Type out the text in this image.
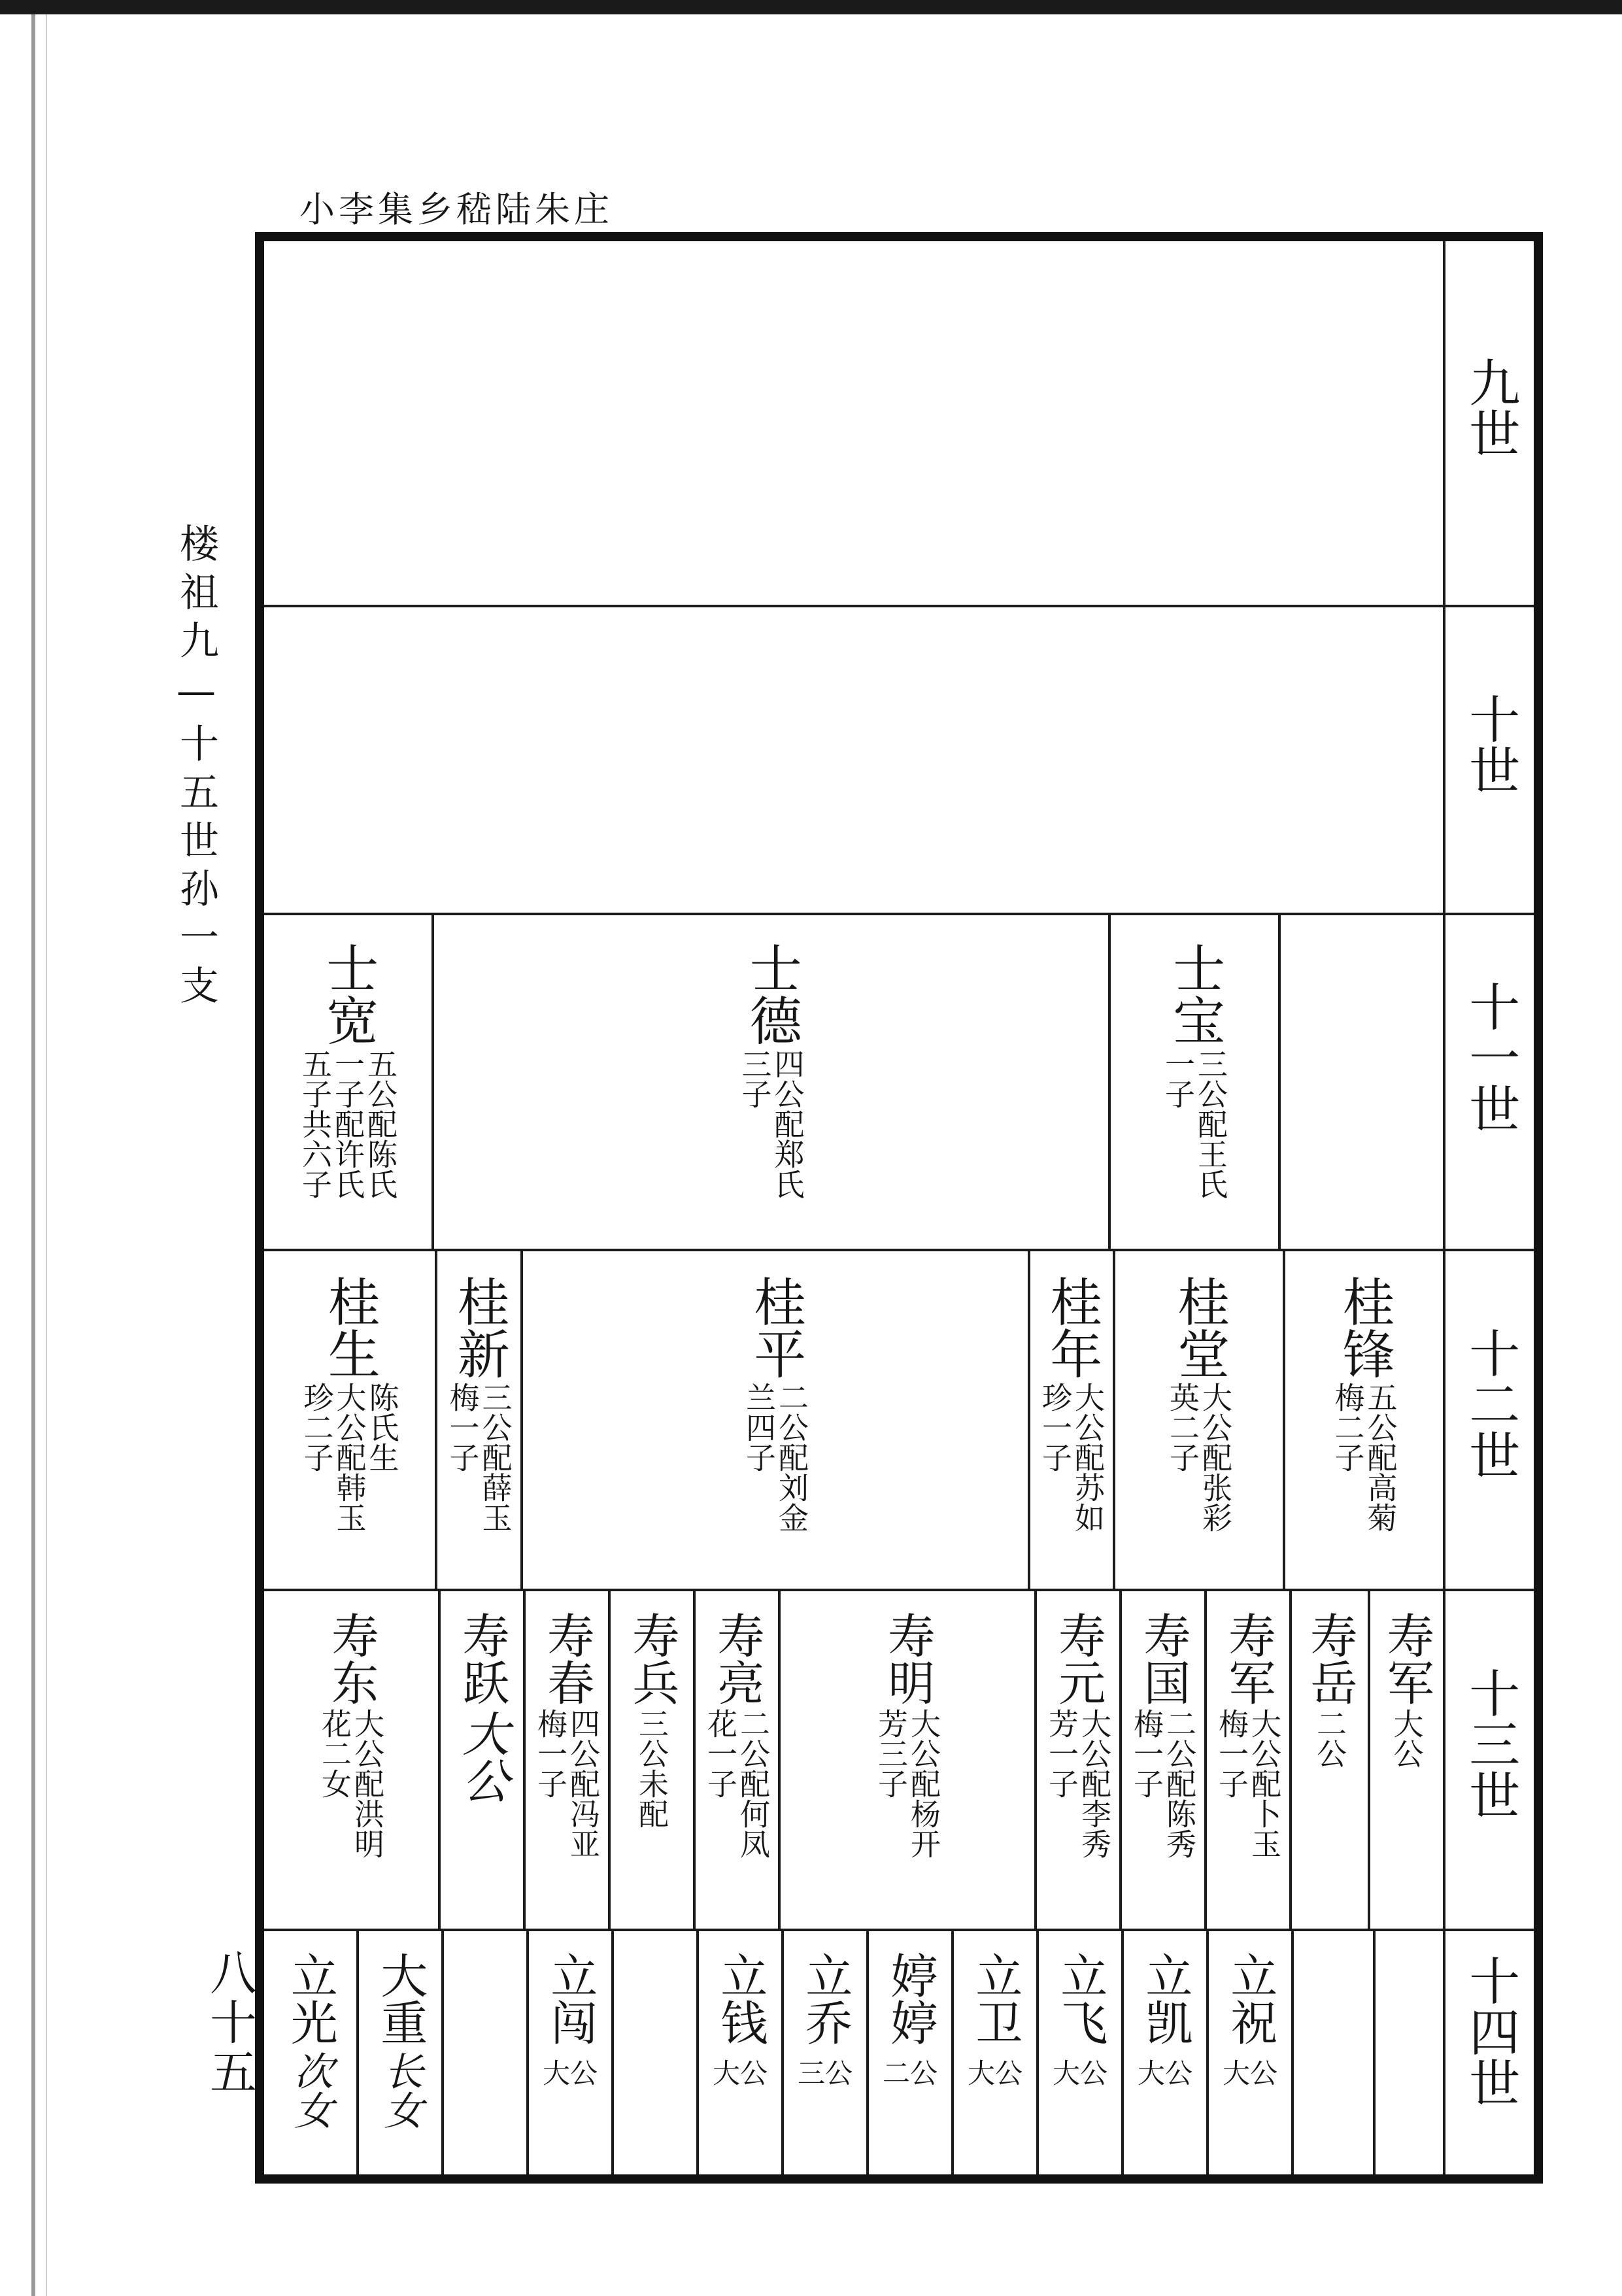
小李集乡嵇陆朱庄
楼祖九—十五世孙一支
八十五
九世
十世
十一世
十二世
十三世
十四世
士宽
五公配陈氏
一子配许氏
五子共六子
士德
四公配郑氏
三子
士宝
三公配王氏
一子
桂生
陈氏生
大公配韩玉
珍二子
桂新
三公配薛玉
梅一子
桂平
二公配刘金
兰四子
桂年
大公配苏如
珍一子
桂堂
大公配张彩
英二子
桂锋
五公配高菊
梅二子
寿东
大公配洪明
花二女
寿跃
大公
寿春
四公配冯亚
梅一子
寿兵
三公未配
寿亮
二公配何凤
花一子
寿明
大公配杨开
芳三子
寿元
大公配李秀
芳一子
寿国
二公配陈秀
梅一子
寿军
大公配卜玉
梅一子
寿岳
二公
寿军
大公
立光
次女
大重
长女
立闯
大公
立钱
大公
立乔
三公
婷婷
二公
立卫
大公
立飞
大公
立凯
大公
立祝
大公
